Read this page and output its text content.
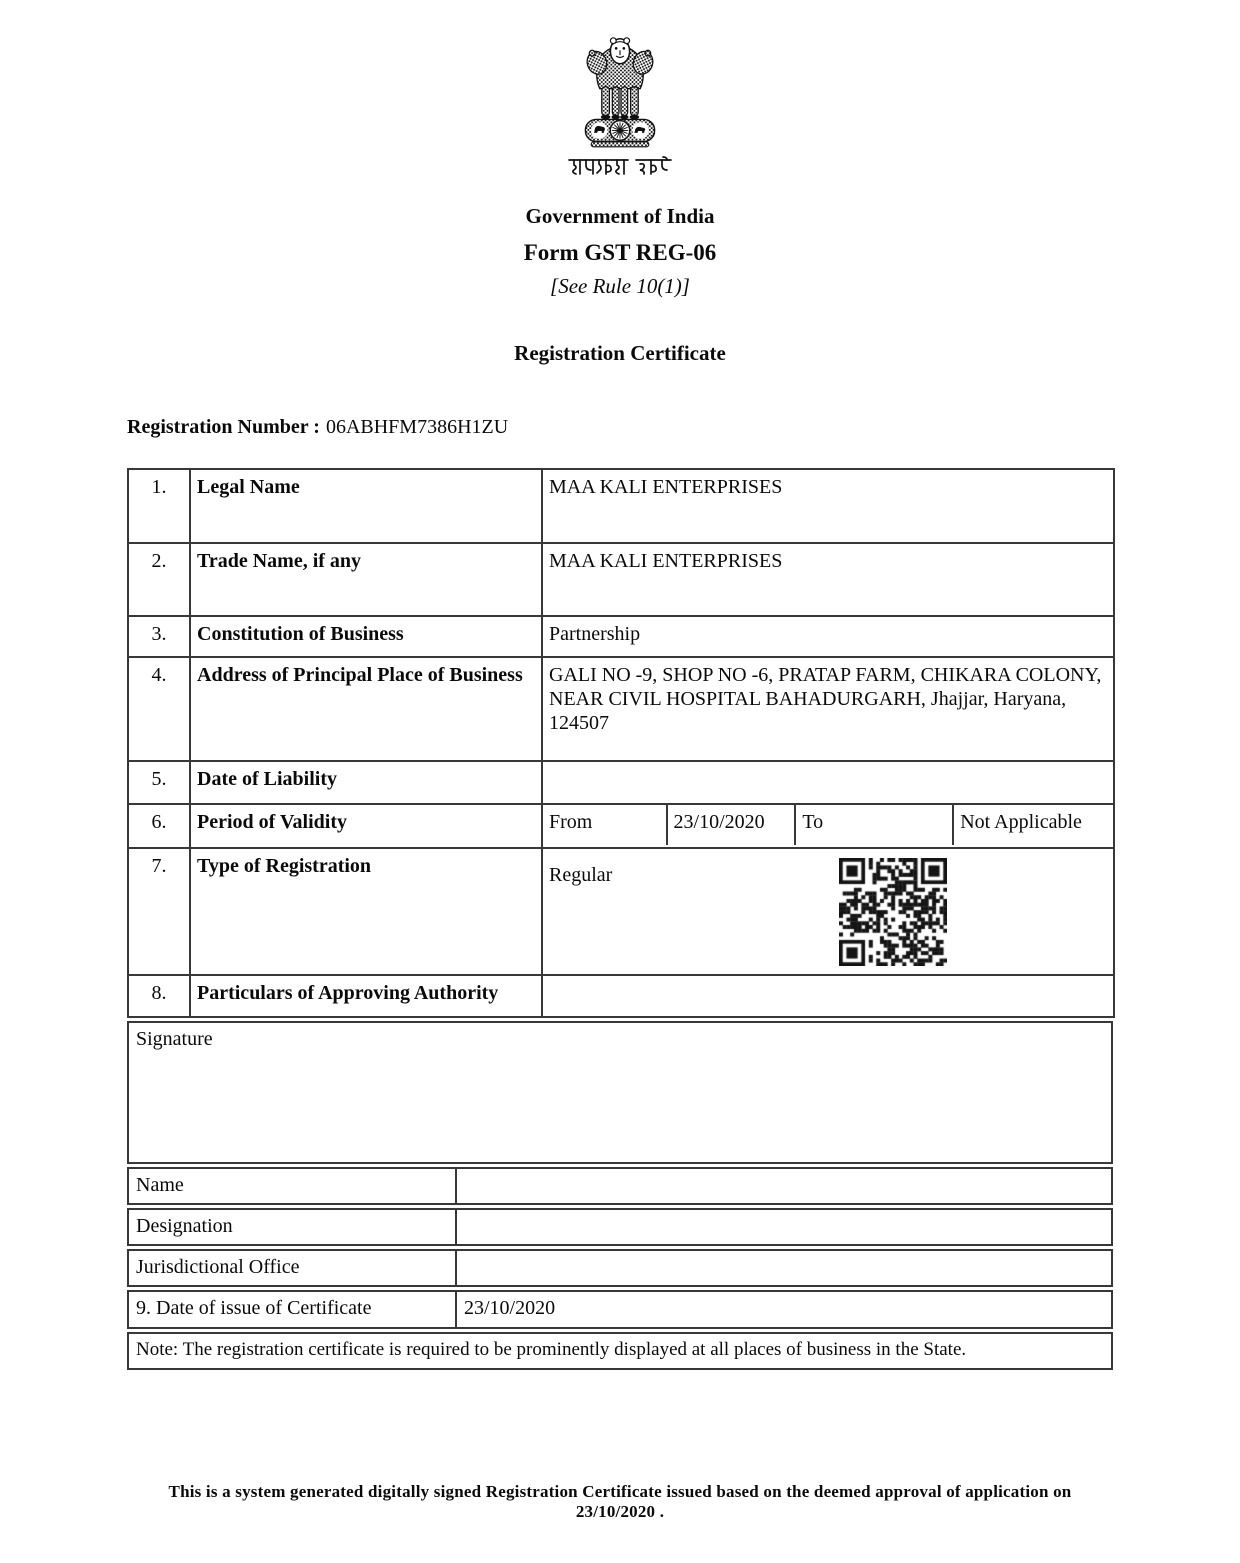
Government of India
Form GST REG-06
[See Rule 10(1)]
Registration Certificate
Registration Number : 06ABHFM7386H1ZU
1.	Legal Name	MAA KALI ENTERPRISES
2.	Trade Name, if any	MAA KALI ENTERPRISES
3.	Constitution of Business	Partnership
4.	Address of Principal Place of Business	GALI NO -9, SHOP NO -6, PRATAP FARM, CHIKARA COLONY, NEAR CIVIL HOSPITAL BAHADURGARH, Jhajjar, Haryana, 124507
5.	Date of Liability	
6.	Period of Validity	From 23/10/2020 To Not Applicable

7.	Type of Registration	Regular

8.	Particulars of Approving Authority	
Signature
Name
Designation
Jurisdictional Office
9. Date of issue of Certificate	23/10/2020
Note: The registration certificate is required to be prominently displayed at all places of business in the State.
This is a system generated digitally signed Registration Certificate issued based on the deemed approval of application on 23/10/2020 .
